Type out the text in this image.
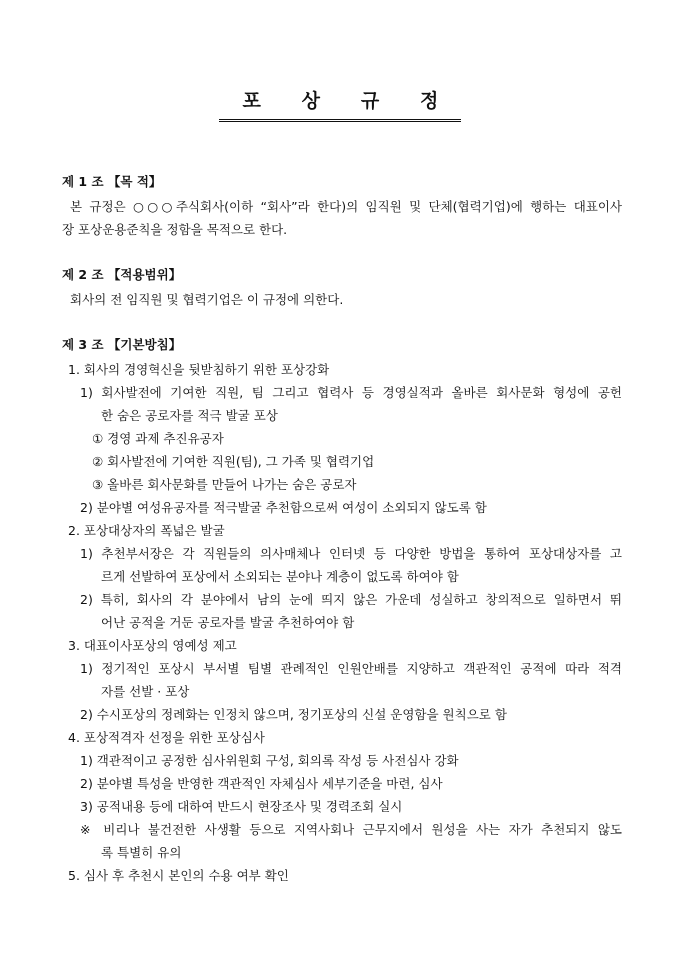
포 상 규 정
제 1 조 【목 적】
본 규정은 ○○○주식회사(이하 “회사”라 한다)의 임직원 및 단체(협력기업)에 행하는 대표이사
장 포상운용준칙을 정함을 목적으로 한다.
제 2 조 【적용범위】
회사의 전 임직원 및 협력기업은 이 규정에 의한다.
제 3 조 【기본방침】
1. 회사의 경영혁신을 뒷받침하기 위한 포상강화
1) 회사발전에 기여한 직원, 팀 그리고 협력사 등 경영실적과 올바른 회사문화 형성에 공헌
한 숨은 공로자를 적극 발굴 포상
① 경영 과제 추진유공자
② 회사발전에 기여한 직원(팀), 그 가족 및 협력기업
③ 올바른 회사문화를 만들어 나가는 숨은 공로자
2) 분야별 여성유공자를 적극발굴 추천함으로써 여성이 소외되지 않도록 함
2. 포상대상자의 폭넓은 발굴
1) 추천부서장은 각 직원들의 의사매체나 인터넷 등 다양한 방법을 통하여 포상대상자를 고
르게 선발하여 포상에서 소외되는 분야나 계층이 없도록 하여야 함
2) 특히, 회사의 각 분야에서 남의 눈에 띄지 않은 가운데 성실하고 창의적으로 일하면서 뛰
어난 공적을 거둔 공로자를 발굴 추천하여야 함
3. 대표이사포상의 영예성 제고
1) 정기적인 포상시 부서별 팀별 관례적인 인원안배를 지양하고 객관적인 공적에 따라 적격
자를 선발 · 포상
2) 수시포상의 정례화는 인정치 않으며, 정기포상의 신설 운영함을 원칙으로 함
4. 포상적격자 선정을 위한 포상심사
1) 객관적이고 공정한 심사위원회 구성, 회의록 작성 등 사전심사 강화
2) 분야별 특성을 반영한 객관적인 자체심사 세부기준을 마련, 심사
3) 공적내용 등에 대하여 반드시 현장조사 및 경력조회 실시
※ 비리나 불건전한 사생활 등으로 지역사회나 근무지에서 원성을 사는 자가 추천되지 않도
록 특별히 유의
5. 심사 후 추천시 본인의 수용 여부 확인
